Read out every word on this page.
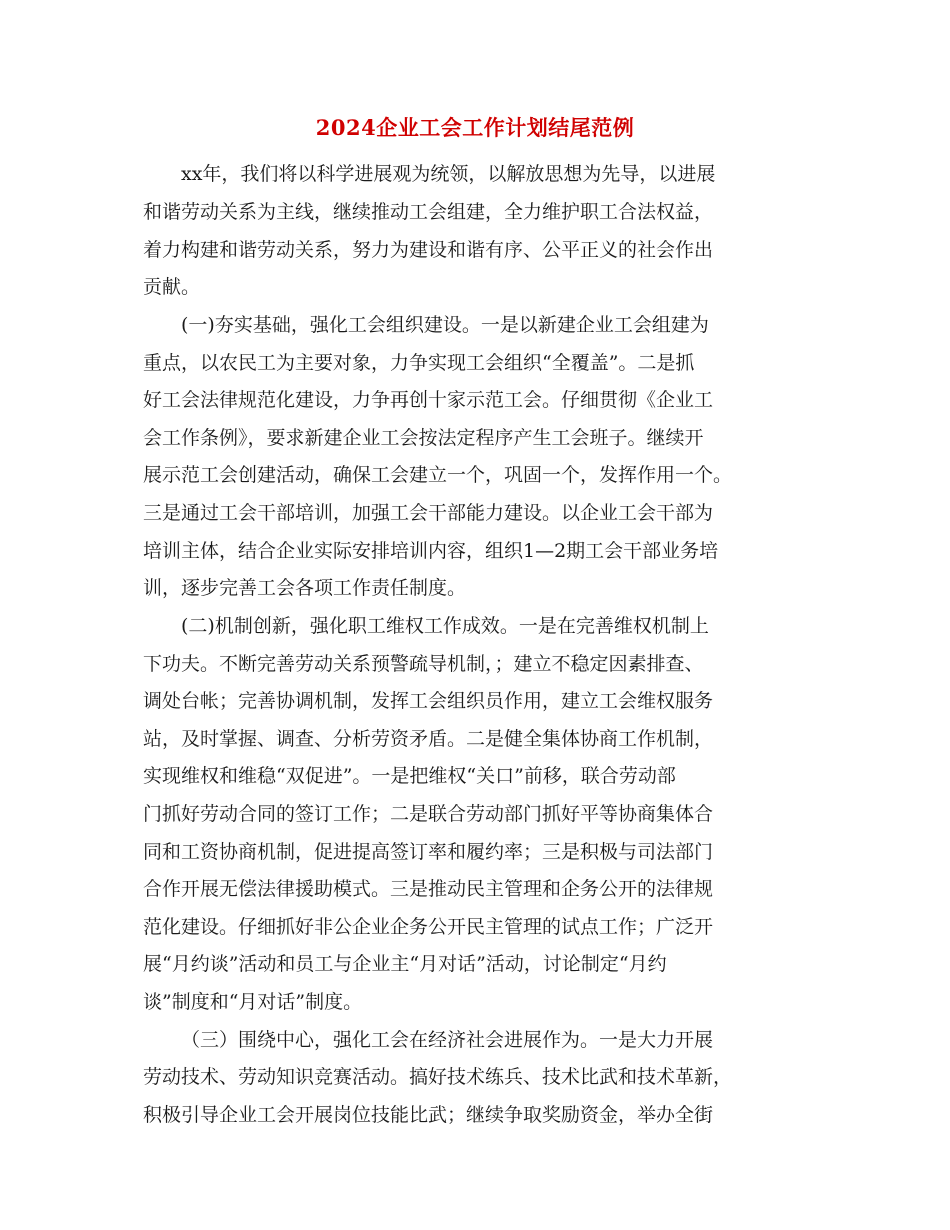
2024企业工会工作计划结尾范例
xx年，我们将以科学进展观为统领，以解放思想为先导，以进展
和谐劳动关系为主线，继续推动工会组建，全力维护职工合法权益，
着力构建和谐劳动关系，努力为建设和谐有序、公平正义的社会作出
贡献。
(一)夯实基础，强化工会组织建设。一是以新建企业工会组建为
重点，以农民工为主要对象，力争实现工会组织“全覆盖”。二是抓
好工会法律规范化建设，力争再创十家示范工会。仔细贯彻《企业工
会工作条例》，要求新建企业工会按法定程序产生工会班子。继续开
展示范工会创建活动，确保工会建立一个，巩固一个，发挥作用一个。
三是通过工会干部培训，加强工会干部能力建设。以企业工会干部为
培训主体，结合企业实际安排培训内容，组织1—2期工会干部业务培
训，逐步完善工会各项工作责任制度。
(二)机制创新，强化职工维权工作成效。一是在完善维权机制上
下功夫。不断完善劳动关系预警疏导机制，；建立不稳定因素排查、
调处台帐；完善协调机制，发挥工会组织员作用，建立工会维权服务
站，及时掌握、调查、分析劳资矛盾。二是健全集体协商工作机制，
实现维权和维稳“双促进”。一是把维权“关口”前移，联合劳动部
门抓好劳动合同的签订工作；二是联合劳动部门抓好平等协商集体合
同和工资协商机制，促进提高签订率和履约率；三是积极与司法部门
合作开展无偿法律援助模式。三是推动民主管理和企务公开的法律规
范化建设。仔细抓好非公企业企务公开民主管理的试点工作；广泛开
展“月约谈”活动和员工与企业主“月对话”活动，讨论制定“月约
谈”制度和“月对话”制度。
（三）围绕中心，强化工会在经济社会进展作为。一是大力开展
劳动技术、劳动知识竞赛活动。搞好技术练兵、技术比武和技术革新，
积极引导企业工会开展岗位技能比武；继续争取奖励资金，举办全街
